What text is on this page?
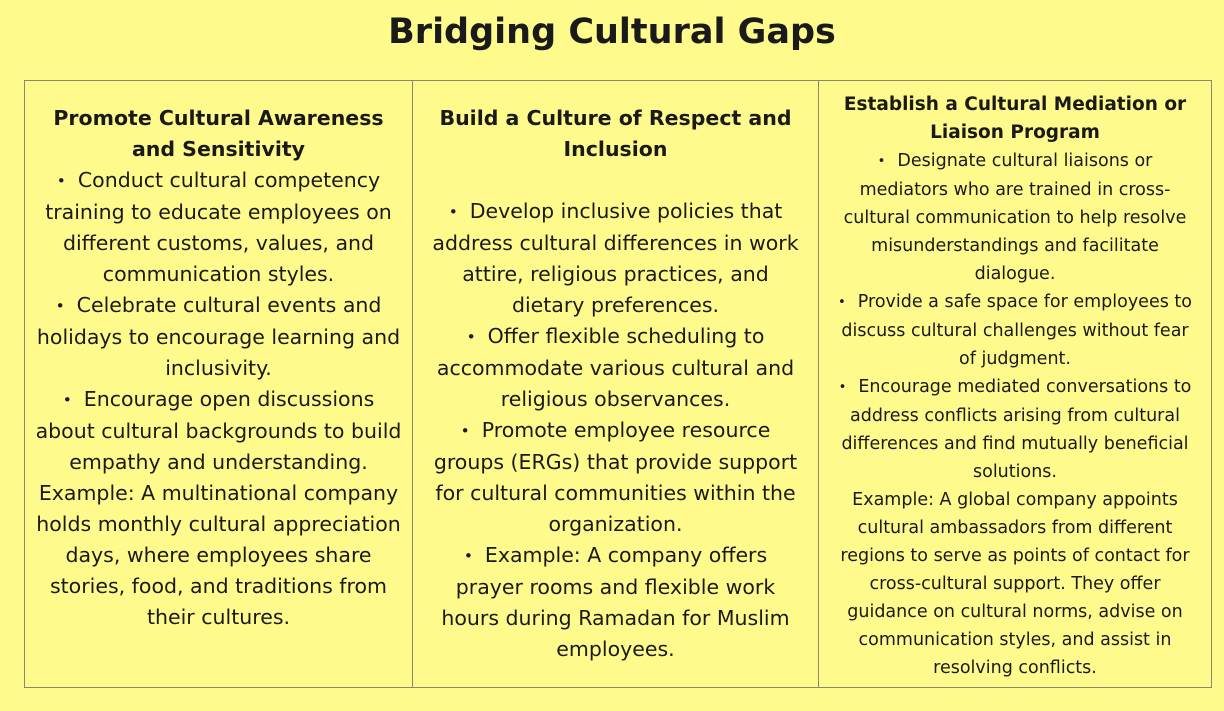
Bridging Cultural Gaps
Promote Cultural Awareness and Sensitivity
• Conduct cultural competency training to educate employees on different customs, values, and communication styles.
• Celebrate cultural events and holidays to encourage learning and inclusivity.
• Encourage open discussions about cultural backgrounds to build empathy and understanding.

Example: A multinational company holds monthly cultural appreciation days, where employees share stories, food, and traditions from their cultures.

Build a Culture of Respect and Inclusion
• Develop inclusive policies that address cultural differences in work attire, religious practices, and dietary preferences.
• Offer flexible scheduling to accommodate various cultural and religious observances.
• Promote employee resource groups (ERGs) that provide support for cultural communities within the organization.
• Example: A company offers prayer rooms and flexible work hours during Ramadan for Muslim employees.
Establish a Cultural Mediation or Liaison Program
• Designate cultural liaisons or mediators who are trained in cross-cultural communication to help resolve misunderstandings and facilitate dialogue.
• Provide a safe space for employees to discuss cultural challenges without fear of judgment.
• Encourage mediated conversations to address conflicts arising from cultural differences and find mutually beneficial solutions.

Example: A global company appoints cultural ambassadors from different regions to serve as points of contact for cross-cultural support. They offer guidance on cultural norms, advise on communication styles, and assist in resolving conflicts.
